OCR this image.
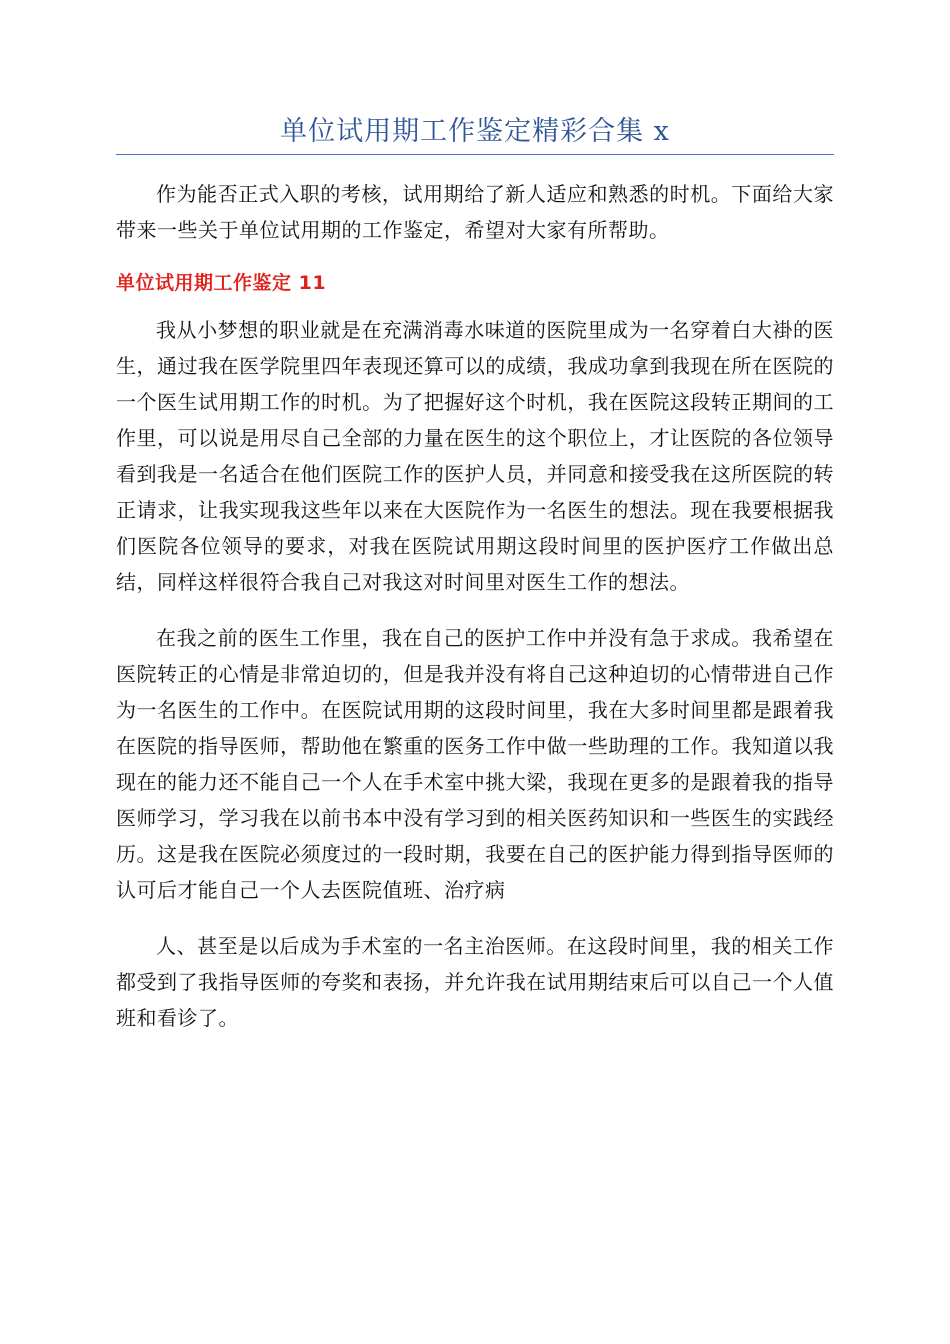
单位试用期工作鉴定精彩合集 x

作为能否正式入职的考核，试用期给了新人适应和熟悉的时机。下面给大家带来一些关于单位试用期的工作鉴定，希望对大家有所帮助。

单位试用期工作鉴定 11

我从小梦想的职业就是在充满消毒水味道的医院里成为一名穿着白大褂的医生，通过我在医学院里四年表现还算可以的成绩，我成功拿到我现在所在医院的一个医生试用期工作的时机。为了把握好这个时机，我在医院这段转正期间的工作里，可以说是用尽自己全部的力量在医生的这个职位上，才让医院的各位领导看到我是一名适合在他们医院工作的医护人员，并同意和接受我在这所医院的转正请求，让我实现我这些年以来在大医院作为一名医生的想法。现在我要根据我们医院各位领导的要求，对我在医院试用期这段时间里的医护医疗工作做出总结，同样这样很符合我自己对我这对时间里对医生工作的想法。

在我之前的医生工作里，我在自己的医护工作中并没有急于求成。我希望在医院转正的心情是非常迫切的，但是我并没有将自己这种迫切的心情带进自己作为一名医生的工作中。在医院试用期的这段时间里，我在大多时间里都是跟着我在医院的指导医师，帮助他在繁重的医务工作中做一些助理的工作。我知道以我现在的能力还不能自己一个人在手术室中挑大梁，我现在更多的是跟着我的指导医师学习，学习我在以前书本中没有学习到的相关医药知识和一些医生的实践经历。这是我在医院必须度过的一段时期，我要在自己的医护能力得到指导医师的认可后才能自己一个人去医院值班、治疗病

人、甚至是以后成为手术室的一名主治医师。在这段时间里，我的相关工作都受到了我指导医师的夸奖和表扬，并允许我在试用期结束后可以自己一个人值班和看诊了。
